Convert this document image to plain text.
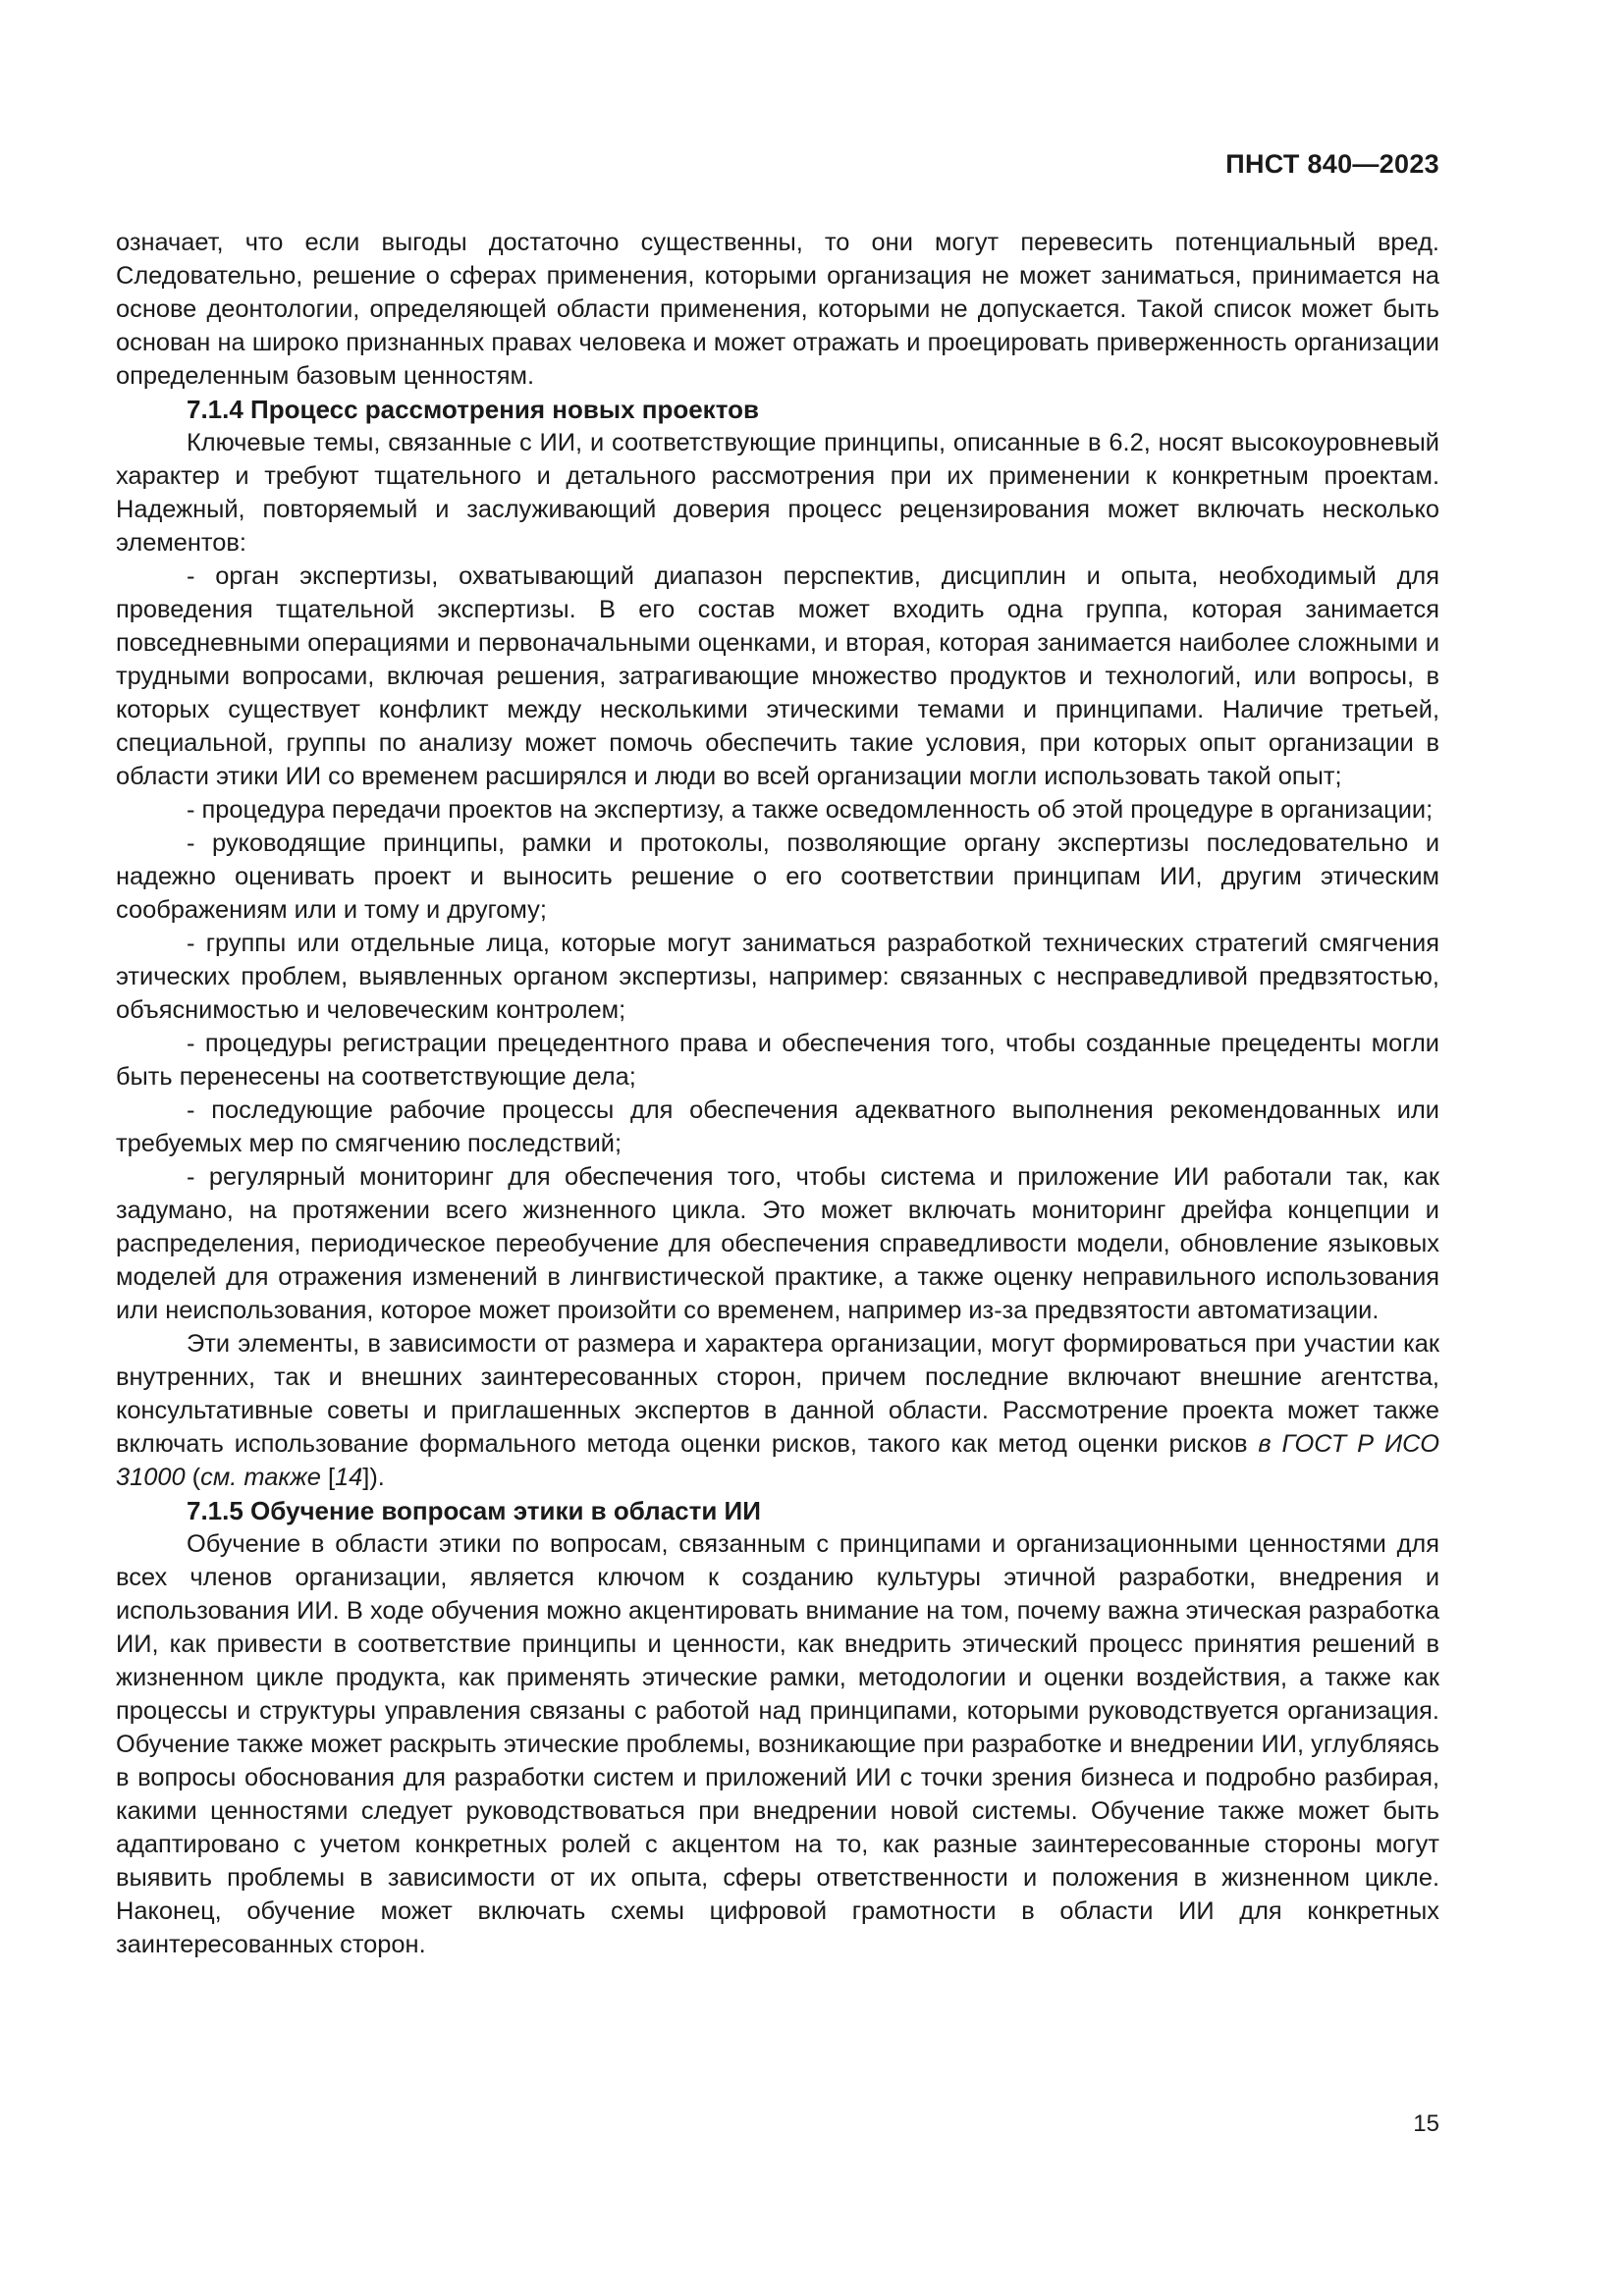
ПНСТ 840—2023

означает, что если выгоды достаточно существенны, то они могут перевесить потенциальный вред. Следовательно, решение о сферах применения, которыми организация не может заниматься, принимается на основе деонтологии, определяющей области применения, которыми не допускается. Такой список может быть основан на широко признанных правах человека и может отражать и проецировать приверженность организации определенным базовым ценностям.

7.1.4 Процесс рассмотрения новых проектов

Ключевые темы, связанные с ИИ, и соответствующие принципы, описанные в 6.2, носят высокоуровневый характер и требуют тщательного и детального рассмотрения при их применении к конкретным проектам. Надежный, повторяемый и заслуживающий доверия процесс рецензирования может включать несколько элементов:

- орган экспертизы, охватывающий диапазон перспектив, дисциплин и опыта, необходимый для проведения тщательной экспертизы. В его состав может входить одна группа, которая занимается повседневными операциями и первоначальными оценками, и вторая, которая занимается наиболее сложными и трудными вопросами, включая решения, затрагивающие множество продуктов и технологий, или вопросы, в которых существует конфликт между несколькими этическими темами и принципами. Наличие третьей, специальной, группы по анализу может помочь обеспечить такие условия, при которых опыт организации в области этики ИИ со временем расширялся и люди во всей организации могли использовать такой опыт;

- процедура передачи проектов на экспертизу, а также осведомленность об этой процедуре в организации;

- руководящие принципы, рамки и протоколы, позволяющие органу экспертизы последовательно и надежно оценивать проект и выносить решение о его соответствии принципам ИИ, другим этическим соображениям или и тому и другому;

- группы или отдельные лица, которые могут заниматься разработкой технических стратегий смягчения этических проблем, выявленных органом экспертизы, например: связанных с несправедливой предвзятостью, объяснимостью и человеческим контролем;

- процедуры регистрации прецедентного права и обеспечения того, чтобы созданные прецеденты могли быть перенесены на соответствующие дела;

- последующие рабочие процессы для обеспечения адекватного выполнения рекомендованных или требуемых мер по смягчению последствий;

- регулярный мониторинг для обеспечения того, чтобы система и приложение ИИ работали так, как задумано, на протяжении всего жизненного цикла. Это может включать мониторинг дрейфа концепции и распределения, периодическое переобучение для обеспечения справедливости модели, обновление языковых моделей для отражения изменений в лингвистической практике, а также оценку неправильного использования или неиспользования, которое может произойти со временем, например из-за предвзятости автоматизации.

Эти элементы, в зависимости от размера и характера организации, могут формироваться при участии как внутренних, так и внешних заинтересованных сторон, причем последние включают внешние агентства, консультативные советы и приглашенных экспертов в данной области. Рассмотрение проекта может также включать использование формального метода оценки рисков, такого как метод оценки рисков в ГОСТ Р ИСО 31000 (см. также [14]).

7.1.5 Обучение вопросам этики в области ИИ

Обучение в области этики по вопросам, связанным с принципами и организационными ценностями для всех членов организации, является ключом к созданию культуры этичной разработки, внедрения и использования ИИ. В ходе обучения можно акцентировать внимание на том, почему важна этическая разработка ИИ, как привести в соответствие принципы и ценности, как внедрить этический процесс принятия решений в жизненном цикле продукта, как применять этические рамки, методологии и оценки воздействия, а также как процессы и структуры управления связаны с работой над принципами, которыми руководствуется организация. Обучение также может раскрыть этические проблемы, возникающие при разработке и внедрении ИИ, углубляясь в вопросы обоснования для разработки систем и приложений ИИ с точки зрения бизнеса и подробно разбирая, какими ценностями следует руководствоваться при внедрении новой системы. Обучение также может быть адаптировано с учетом конкретных ролей с акцентом на то, как разные заинтересованные стороны могут выявить проблемы в зависимости от их опыта, сферы ответственности и положения в жизненном цикле. Наконец, обучение может включать схемы цифровой грамотности в области ИИ для конкретных заинтересованных сторон.

15
